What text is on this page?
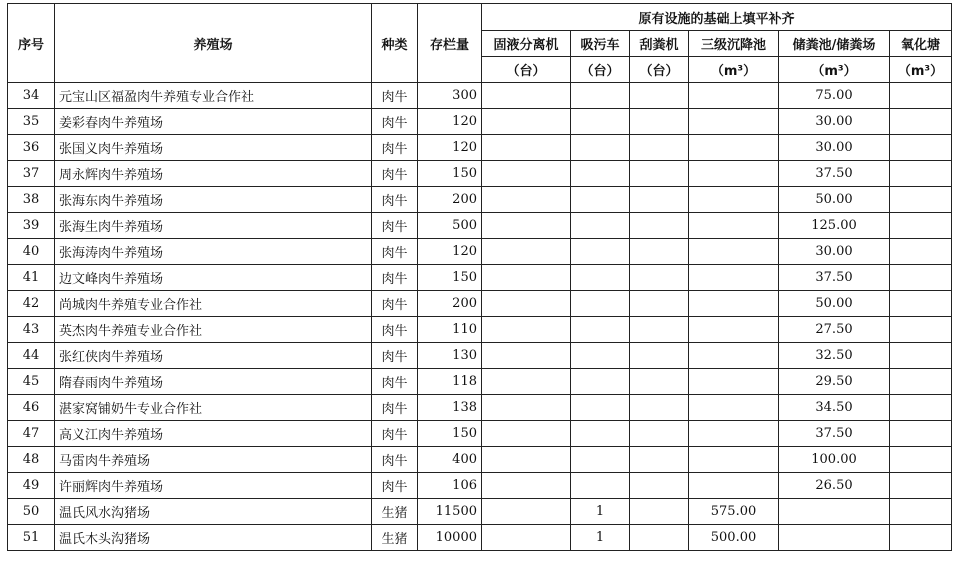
序号	养殖场	种类	存栏量	原有设施的基础上填平补齐					
				固液分离机	吸污车	刮粪机	三级沉降池	储粪池/储粪场	氧化塘
				（台）	（台）	（台）	（m³）	（m³）	（m³）
34	元宝山区福盈肉牛养殖专业合作社	肉牛	300					75.00	
35	姜彩春肉牛养殖场	肉牛	120					30.00	
36	张国义肉牛养殖场	肉牛	120					30.00	
37	周永辉肉牛养殖场	肉牛	150					37.50	
38	张海东肉牛养殖场	肉牛	200					50.00	
39	张海生肉牛养殖场	肉牛	500					125.00	
40	张海涛肉牛养殖场	肉牛	120					30.00	
41	边文峰肉牛养殖场	肉牛	150					37.50	
42	尚城肉牛养殖专业合作社	肉牛	200					50.00	
43	英杰肉牛养殖专业合作社	肉牛	110					27.50	
44	张红侠肉牛养殖场	肉牛	130					32.50	
45	隋春雨肉牛养殖场	肉牛	118					29.50	
46	湛家窝铺奶牛专业合作社	肉牛	138					34.50	
47	高义江肉牛养殖场	肉牛	150					37.50	
48	马雷肉牛养殖场	肉牛	400					100.00	
49	许丽辉肉牛养殖场	肉牛	106					26.50	
50	温氏风水沟猪场	生猪	11500		1		575.00		
51	温氏木头沟猪场	生猪	10000		1		500.00		
